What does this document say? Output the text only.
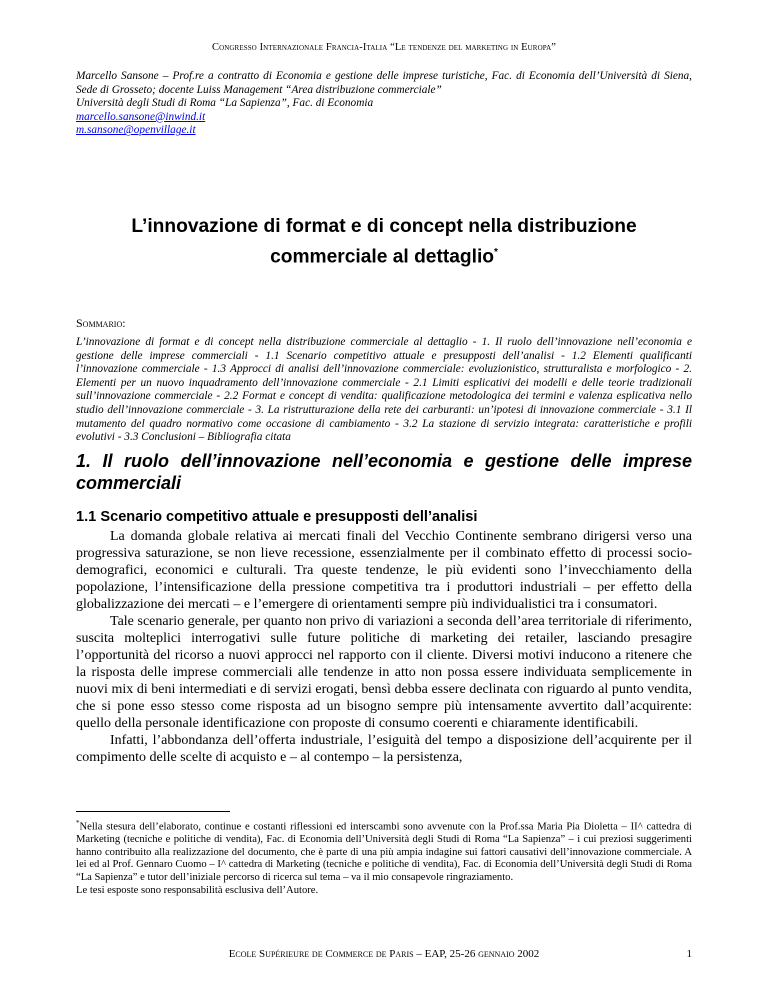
Congresso Internazionale Francia-Italia “Le tendenze del marketing in Europa”

Marcello Sansone – Prof.re a contratto di Economia e gestione delle imprese turistiche, Fac. di Economia dell’Università di Siena, Sede di Grosseto; docente Luiss Management “Area distribuzione commerciale”

Università degli Studi di Roma “La Sapienza”, Fac. di Economia

marcello.sansone@inwind.it

m.sansone@openvillage.it

L’innovazione di format e di concept nella distribuzione
commerciale al dettaglio*
Sommario:
L’innovazione di format e di concept nella distribuzione commerciale al dettaglio - 1. Il ruolo dell’innovazione nell’economia e gestione delle imprese commerciali - 1.1 Scenario competitivo attuale e presupposti dell’analisi - 1.2 Elementi qualificanti l’innovazione commerciale - 1.3 Approcci di analisi dell’innovazione commerciale: evoluzionistico, strutturalista e morfologico - 2. Elementi per un nuovo inquadramento dell’innovazione commerciale - 2.1 Limiti esplicativi dei modelli e delle teorie tradizionali sull’innovazione commerciale - 2.2 Format e concept di vendita: qualificazione metodologica dei termini e valenza esplicativa nello studio dell’innovazione commerciale - 3. La ristrutturazione della rete dei carburanti: un’ipotesi di innovazione commerciale - 3.1 Il mutamento del quadro normativo come occasione di cambiamento - 3.2 La stazione di servizio integrata: caratteristiche e profili evolutivi - 3.3 Conclusioni – Bibliografia citata
1. Il ruolo dell’innovazione nell’economia e gestione delle imprese commerciali
1.1 Scenario competitivo attuale e presupposti dell’analisi

La domanda globale relativa ai mercati finali del Vecchio Continente sembrano dirigersi verso una progressiva saturazione, se non lieve recessione, essenzialmente per il combinato effetto di processi socio-demografici, economici e culturali. Tra queste tendenze, le più evidenti sono l’invecchiamento della popolazione, l’intensificazione della pressione competitiva tra i produttori industriali – per effetto della globalizzazione dei mercati – e l’emergere di orientamenti sempre più individualistici tra i consumatori.

Tale scenario generale, per quanto non privo di variazioni a seconda dell’area territoriale di riferimento, suscita molteplici interrogativi sulle future politiche di marketing dei retailer, lasciando presagire l’opportunità del ricorso a nuovi approcci nel rapporto con il cliente. Diversi motivi inducono a ritenere che la risposta delle imprese commerciali alle tendenze in atto non possa essere individuata semplicemente in nuovi mix di beni intermediati e di servizi erogati, bensì debba essere declinata con riguardo al punto vendita, che si pone esso stesso come risposta ad un bisogno sempre più intensamente avvertito dall’acquirente: quello della personale identificazione con proposte di consumo coerenti e chiaramente identificabili.

Infatti, l’abbondanza dell’offerta industriale, l’esiguità del tempo a disposizione dell’acquirente per il compimento delle scelte di acquisto e – al contempo – la persistenza,

*Nella stesura dell’elaborato, continue e costanti riflessioni ed interscambi sono avvenute con la Prof.ssa Maria Pia Dioletta – II^ cattedra di Marketing (tecniche e politiche di vendita), Fac. di Economia dell’Università degli Studi di Roma “La Sapienza” – i cui preziosi suggerimenti hanno contribuito alla realizzazione del documento, che è parte di una più ampia indagine sui fattori causativi dell’innovazione commerciale. A lei ed al Prof. Gennaro Cuomo – I^ cattedra di Marketing (tecniche e politiche di vendita), Fac. di Economia dell’Università degli Studi di Roma “La Sapienza” e tutor dell’iniziale percorso di ricerca sul tema – va il mio consapevole ringraziamento.
Le tesi esposte sono responsabilità esclusiva dell’Autore.
Ecole Supérieure de Commerce de Paris – EAP, 25-26 gennaio 2002	1
